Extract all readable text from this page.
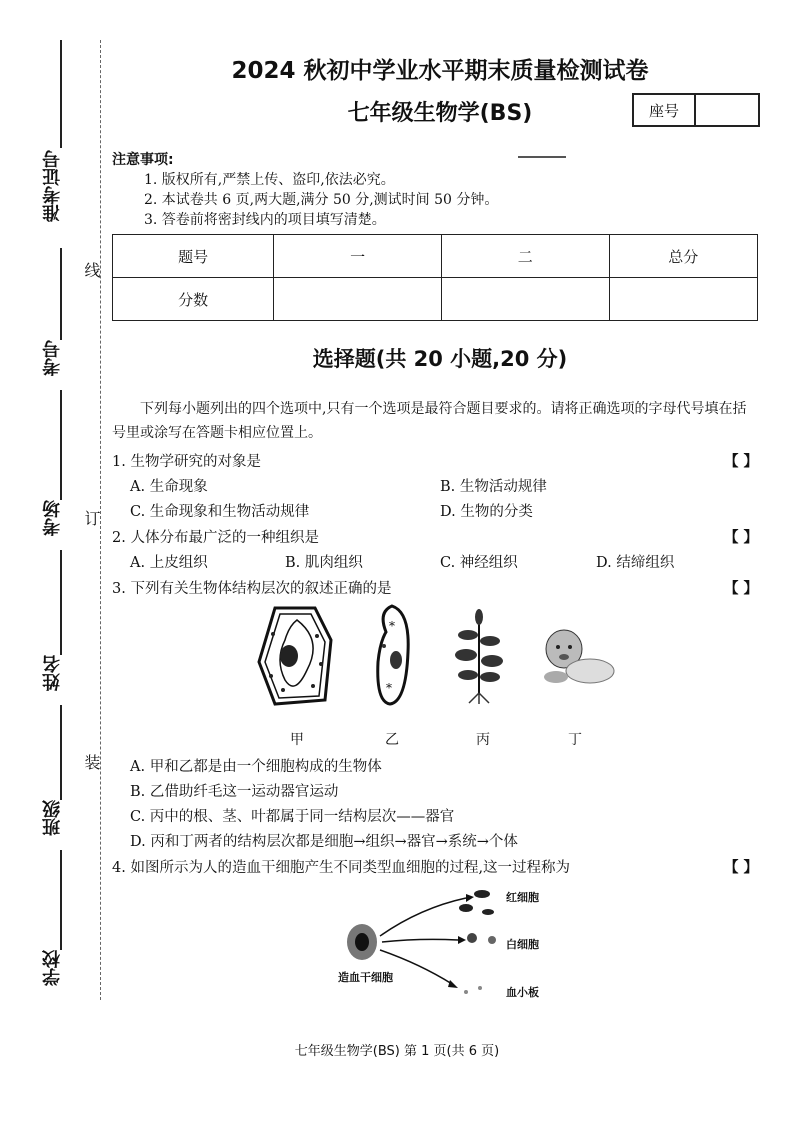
准考证号
考号
考场
姓名
班级
学校
线
订
装
2024 秋初中学业水平期末质量检测试卷
七年级生物学(BS)	座号
注意事项:
1. 版权所有,严禁上传、盗印,依法必究。
2. 本试卷共 6 页,两大题,满分 50 分,测试时间 50 分钟。
3. 答卷前将密封线内的项目填写清楚。
题号	一	二	总分
分数			
选择题(共 20 小题,20 分)
下列每小题列出的四个选项中,只有一个选项是最符合题目要求的。请将正确选项的字母代号填在括号里或涂写在答题卡相应位置上。
1. 生物学研究的对象是	【 】
A. 生命现象	B. 生物活动规律
C. 生命现象和生物活动规律	D. 生物的分类
2. 人体分布最广泛的一种组织是	【 】
A. 上皮组织	B. 肌肉组织	C. 神经组织	D. 结缔组织
3. 下列有关生物体结构层次的叙述正确的是	【 】
*
*
甲	乙	丙	丁
A. 甲和乙都是由一个细胞构成的生物体
B. 乙借助纤毛这一运动器官运动
C. 丙中的根、茎、叶都属于同一结构层次——器官
D. 丙和丁两者的结构层次都是细胞→组织→器官→系统→个体
4. 如图所示为人的造血干细胞产生不同类型血细胞的过程,这一过程称为	【 】
造血干细胞
红细胞
白细胞
血小板
七年级生物学(BS) 第 1 页(共 6 页)
